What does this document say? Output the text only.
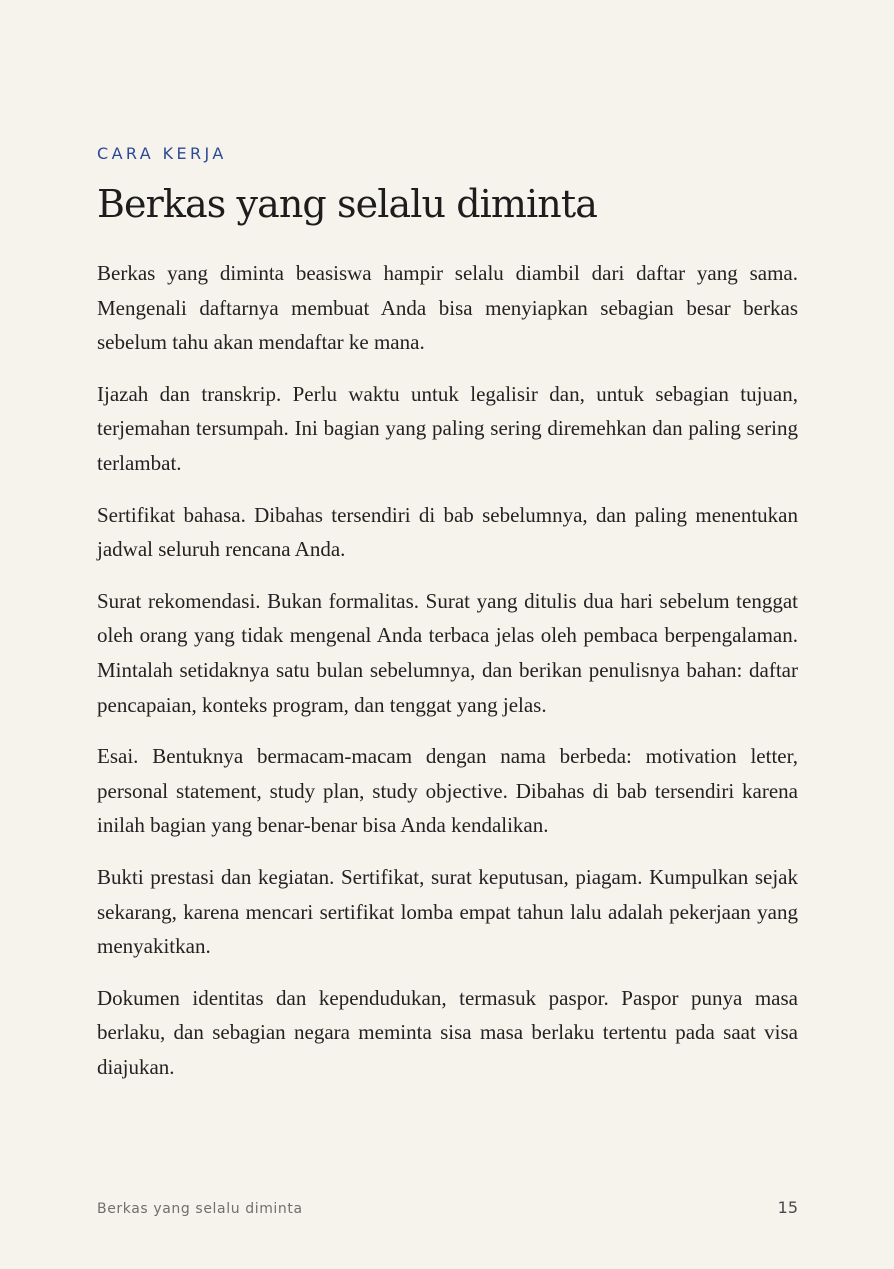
CARA KERJA
Berkas yang selalu diminta

Berkas yang diminta beasiswa hampir selalu diambil dari daftar yang sama. Mengenali daftarnya membuat Anda bisa menyiapkan sebagian besar berkas sebelum tahu akan mendaftar ke mana.

Ijazah dan transkrip. Perlu waktu untuk legalisir dan, untuk sebagian tujuan, terjemahan tersumpah. Ini bagian yang paling sering diremehkan dan paling sering terlambat.

Sertifikat bahasa. Dibahas tersendiri di bab sebelumnya, dan paling menentukan jadwal seluruh rencana Anda.

Surat rekomendasi. Bukan formalitas. Surat yang ditulis dua hari sebelum tenggat oleh orang yang tidak mengenal Anda terbaca jelas oleh pembaca berpengalaman. Mintalah setidaknya satu bulan sebelumnya, dan berikan penulisnya bahan: daftar pencapaian, konteks program, dan tenggat yang jelas.

Esai. Bentuknya bermacam-macam dengan nama berbeda: motivation letter, personal statement, study plan, study objective. Dibahas di bab tersendiri karena inilah bagian yang benar-benar bisa Anda kendalikan.

Bukti prestasi dan kegiatan. Sertifikat, surat keputusan, piagam. Kumpulkan sejak sekarang, karena mencari sertifikat lomba empat tahun lalu adalah pekerjaan yang menyakitkan.

Dokumen identitas dan kependudukan, termasuk paspor. Paspor punya masa berlaku, dan sebagian negara meminta sisa masa berlaku tertentu pada saat visa diajukan.

Berkas yang selalu diminta	15
